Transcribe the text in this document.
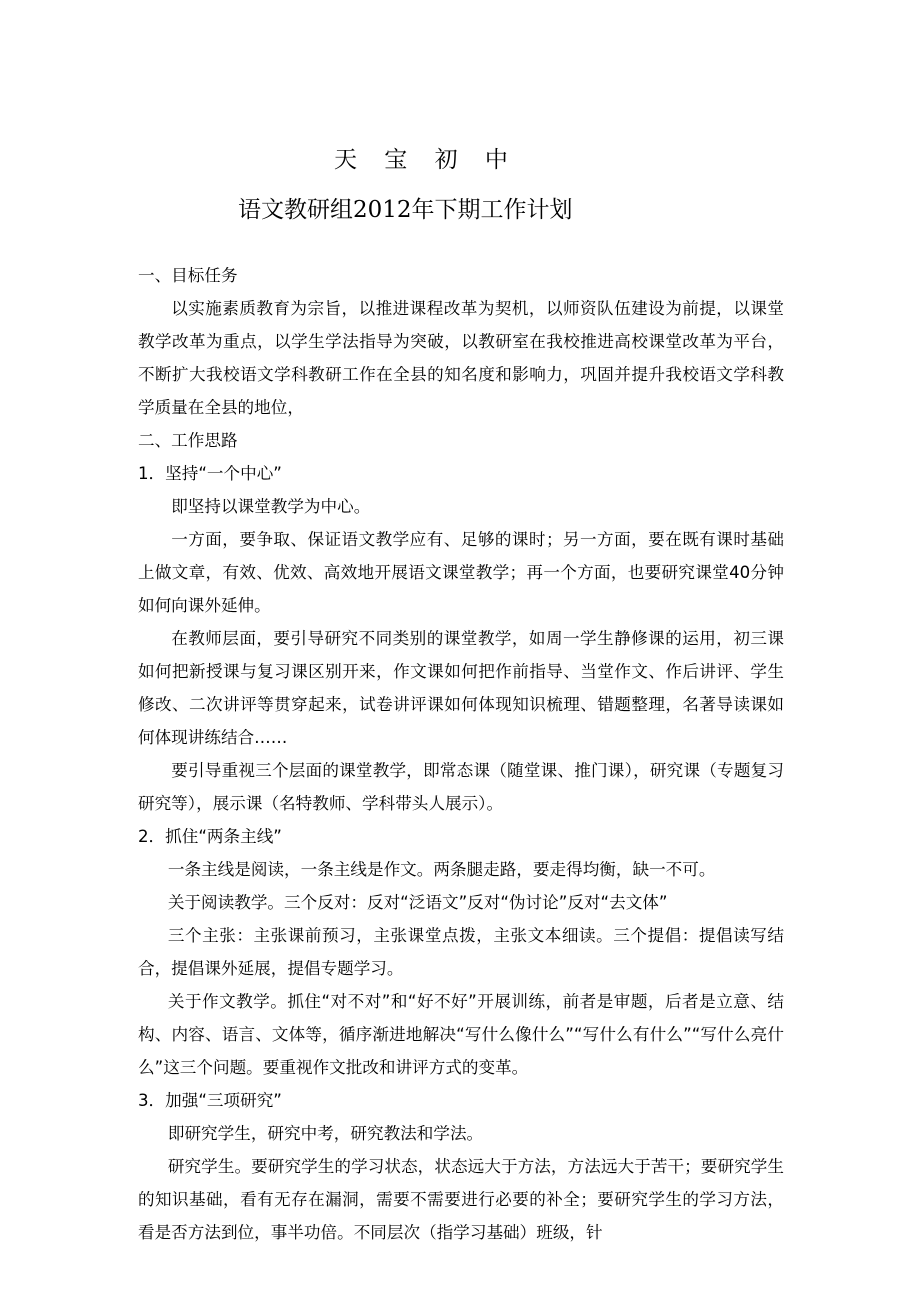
天 宝 初 中
语文教研组2012年下期工作计划

一、目标任务

以实施素质教育为宗旨，以推进课程改革为契机，以师资队伍建设为前提，以课堂教学改革为重点，以学生学法指导为突破，以教研室在我校推进高校课堂改革为平台，不断扩大我校语文学科教研工作在全县的知名度和影响力，巩固并提升我校语文学科教学质量在全县的地位，

二、工作思路

1．坚持“一个中心”

即坚持以课堂教学为中心。

一方面，要争取、保证语文教学应有、足够的课时；另一方面，要在既有课时基础上做文章，有效、优效、高效地开展语文课堂教学；再一个方面，也要研究课堂40分钟如何向课外延伸。

在教师层面，要引导研究不同类别的课堂教学，如周一学生静修课的运用，初三课如何把新授课与复习课区别开来，作文课如何把作前指导、当堂作文、作后讲评、学生修改、二次讲评等贯穿起来，试卷讲评课如何体现知识梳理、错题整理，名著导读课如何体现讲练结合……

要引导重视三个层面的课堂教学，即常态课（随堂课、推门课），研究课（专题复习研究等），展示课（名特教师、学科带头人展示）。

2．抓住“两条主线”

一条主线是阅读，一条主线是作文。两条腿走路，要走得均衡，缺一不可。

关于阅读教学。三个反对：反对“泛语文”反对“伪讨论”反对“去文体”

三个主张：主张课前预习，主张课堂点拨，主张文本细读。三个提倡：提倡读写结合，提倡课外延展，提倡专题学习。

关于作文教学。抓住“对不对”和“好不好”开展训练，前者是审题，后者是立意、结构、内容、语言、文体等，循序渐进地解决“写什么像什么”“写什么有什么”“写什么亮什么”这三个问题。要重视作文批改和讲评方式的变革。

3．加强“三项研究”

即研究学生，研究中考，研究教法和学法。

研究学生。要研究学生的学习状态，状态远大于方法，方法远大于苦干；要研究学生的知识基础，看有无存在漏洞，需要不需要进行必要的补全；要研究学生的学习方法，看是否方法到位，事半功倍。不同层次（指学习基础）班级，针
